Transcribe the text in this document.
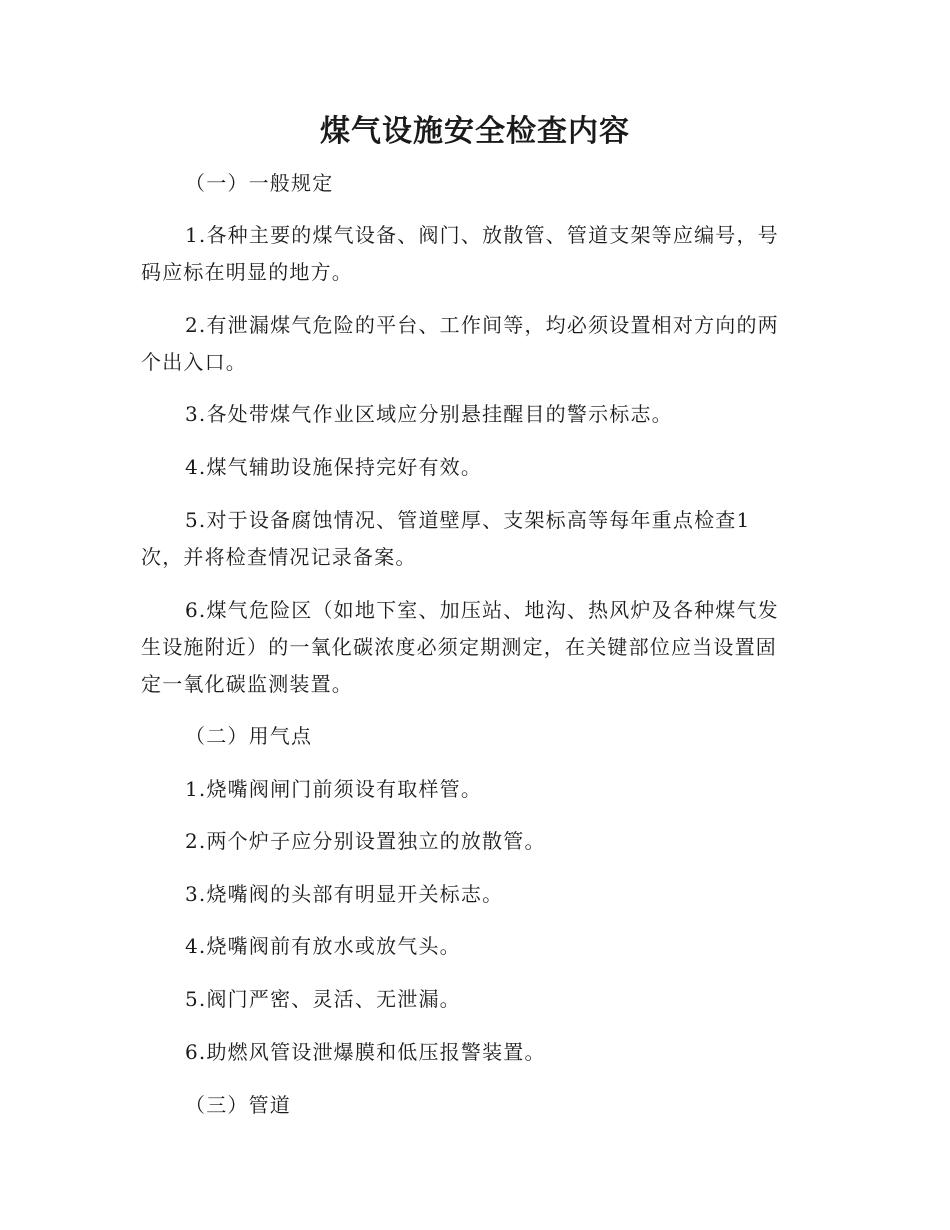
煤气设施安全检查内容

（一）一般规定

1.各种主要的煤气设备、阀门、放散管、管道支架等应编号，号

码应标在明显的地方。

2.有泄漏煤气危险的平台、工作间等，均必须设置相对方向的两

个出入口。

3.各处带煤气作业区域应分别悬挂醒目的警示标志。

4.煤气辅助设施保持完好有效。

5.对于设备腐蚀情况、管道壁厚、支架标高等每年重点检查1

次，并将检查情况记录备案。

6.煤气危险区（如地下室、加压站、地沟、热风炉及各种煤气发

生设施附近）的一氧化碳浓度必须定期测定，在关键部位应当设置固

定一氧化碳监测装置。

（二）用气点

1.烧嘴阀闸门前须设有取样管。

2.两个炉子应分别设置独立的放散管。

3.烧嘴阀的头部有明显开关标志。

4.烧嘴阀前有放水或放气头。

5.阀门严密、灵活、无泄漏。

6.助燃风管设泄爆膜和低压报警装置。

（三）管道
